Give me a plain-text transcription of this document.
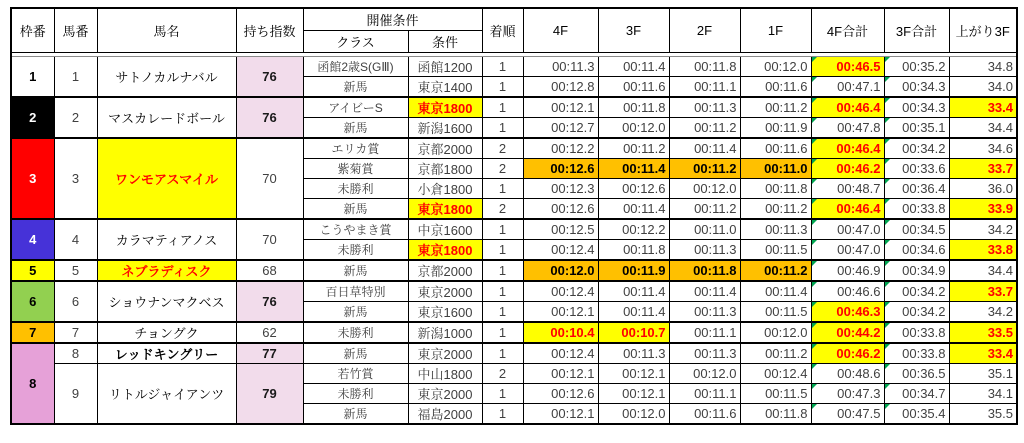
枠番	馬番	馬名	持ち指数	開催条件		着順	4F	3F	2F	1F	4F合計	3F合計	上がり3F
				クラス	条件								

1	1	サトノカルナバル	76	函館2歳S(GⅢ)	函館1200	1	00:11.3	00:11.4	00:11.8	00:12.0	00:46.5	00:35.2	34.8
				新馬	東京1400	1	00:12.8	00:11.6	00:11.1	00:11.6	00:47.1	00:34.3	34.0
2	2	マスカレードボール	76	アイビーS	東京1800	1	00:12.1	00:11.8	00:11.3	00:11.2	00:46.4	00:34.3	33.4
				新馬	新潟1600	1	00:12.7	00:12.0	00:11.2	00:11.9	00:47.8	00:35.1	34.4
3	3	ワンモアスマイル	70	エリカ賞	京都2000	2	00:12.2	00:11.2	00:11.4	00:11.6	00:46.4	00:34.2	34.6
				紫菊賞	京都1800	2	00:12.6	00:11.4	00:11.2	00:11.0	00:46.2	00:33.6	33.7
				未勝利	小倉1800	1	00:12.3	00:12.6	00:12.0	00:11.8	00:48.7	00:36.4	36.0
				新馬	東京1800	2	00:12.6	00:11.4	00:11.2	00:11.2	00:46.4	00:33.8	33.9
4	4	カラマティアノス	70	こうやまき賞	中京1600	1	00:12.5	00:12.2	00:11.0	00:11.3	00:47.0	00:34.5	34.2
				未勝利	東京1800	1	00:12.4	00:11.8	00:11.3	00:11.5	00:47.0	00:34.6	33.8
5	5	ネブラディスク	68	新馬	京都2000	1	00:12.0	00:11.9	00:11.8	00:11.2	00:46.9	00:34.9	34.4
6	6	ショウナンマクベス	76	百日草特別	東京2000	1	00:12.4	00:11.4	00:11.4	00:11.4	00:46.6	00:34.2	33.7
				新馬	東京1600	1	00:12.1	00:11.4	00:11.3	00:11.5	00:46.3	00:34.2	34.2
7	7	チョングク	62	未勝利	新潟1000	1	00:10.4	00:10.7	00:11.1	00:12.0	00:44.2	00:33.8	33.5
8	8	レッドキングリー	77	新馬	東京2000	1	00:12.4	00:11.3	00:11.3	00:11.2	00:46.2	00:33.8	33.4
	9	リトルジャイアンツ	79	若竹賞	中山1800	2	00:12.1	00:12.1	00:12.0	00:12.4	00:48.6	00:36.5	35.1
				未勝利	東京2000	1	00:12.6	00:12.1	00:11.1	00:11.5	00:47.3	00:34.7	34.1
				新馬	福島2000	1	00:12.1	00:12.0	00:11.6	00:11.8	00:47.5	00:35.4	35.5
